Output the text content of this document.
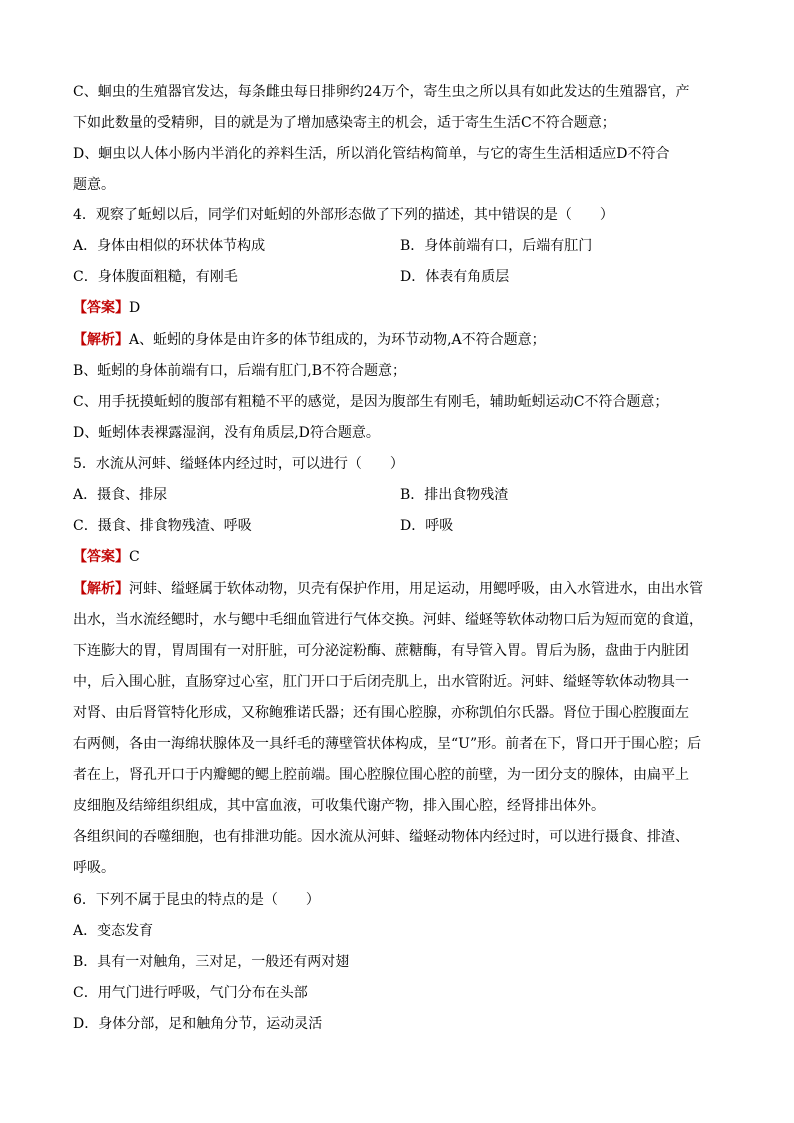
C、蛔虫的生殖器官发达，每条雌虫每日排卵约24万个，寄生虫之所以具有如此发达的生殖器官，产
下如此数量的受精卵，目的就是为了增加感染寄主的机会，适于寄生生活C不符合题意；
D、蛔虫以人体小肠内半消化的养料生活，所以消化管结构简单，与它的寄生生活相适应D不符合
题意。
4．观察了蚯蚓以后，同学们对蚯蚓的外部形态做了下列的描述，其中错误的是（　　）
A．身体由相似的环状体节构成	B．身体前端有口，后端有肛门
C．身体腹面粗糙，有刚毛	D．体表有角质层
【答案】D
【解析】A、蚯蚓的身体是由许多的体节组成的，为环节动物,A不符合题意；
B、蚯蚓的身体前端有口，后端有肛门,B不符合题意；
C、用手抚摸蚯蚓的腹部有粗糙不平的感觉，是因为腹部生有刚毛，辅助蚯蚓运动C不符合题意；
D、蚯蚓体表裸露湿润，没有角质层,D符合题意。
5．水流从河蚌、缢蛏体内经过时，可以进行（　　）
A．摄食、排尿	B．排出食物残渣
C．摄食、排食物残渣、呼吸	D．呼吸
【答案】C
【解析】河蚌、缢蛏属于软体动物，贝壳有保护作用，用足运动，用鳃呼吸，由入水管进水，由出水管
出水，当水流经鳃时，水与鳃中毛细血管进行气体交换。河蚌、缢蛏等软体动物口后为短而宽的食道，
下连膨大的胃，胃周围有一对肝脏，可分泌淀粉酶、蔗糖酶，有导管入胃。胃后为肠，盘曲于内脏团
中，后入围心脏，直肠穿过心室，肛门开口于后闭壳肌上，出水管附近。河蚌、缢蛏等软体动物具一
对肾、由后肾管特化形成，又称鲍雅诺氏器；还有围心腔腺，亦称凯伯尔氏器。肾位于围心腔腹面左
右两侧，各由一海绵状腺体及一具纤毛的薄壁管状体构成，呈“U”形。前者在下，肾口开于围心腔；后
者在上，肾孔开口于内瓣鳃的鳃上腔前端。围心腔腺位围心腔的前壁，为一团分支的腺体，由扁平上
皮细胞及结缔组织组成，其中富血液，可收集代谢产物，排入围心腔，经肾排出体外。
各组织间的吞噬细胞，也有排泄功能。因水流从河蚌、缢蛏动物体内经过时，可以进行摄食、排渣、
呼吸。
6．下列不属于昆虫的特点的是（　　）
A．变态发育
B．具有一对触角，三对足，一般还有两对翅
C．用气门进行呼吸，气门分布在头部
D．身体分部，足和触角分节，运动灵活
